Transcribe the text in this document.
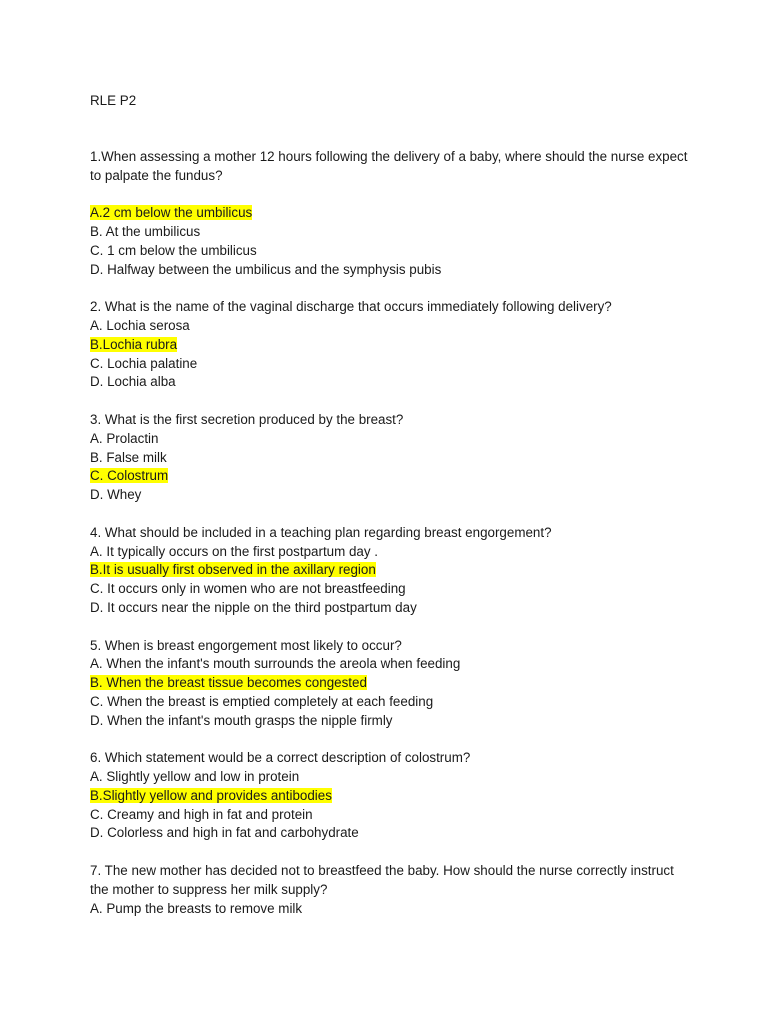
RLE P2
1.When assessing a mother 12 hours following the delivery of a baby, where should the nurse expect to palpate the fundus?
A.2 cm below the umbilicus
B. At the umbilicus
C. 1 cm below the umbilicus
D. Halfway between the umbilicus and the symphysis pubis
2. What is the name of the vaginal discharge that occurs immediately following delivery?
A. Lochia serosa
B.Lochia rubra
C. Lochia palatine
D. Lochia alba
3. What is the first secretion produced by the breast?
A. Prolactin
B. False milk
C. Colostrum
D. Whey
4. What should be included in a teaching plan regarding breast engorgement?
A. It typically occurs on the first postpartum day .
B.It is usually first observed in the axillary region
C. It occurs only in women who are not breastfeeding
D. It occurs near the nipple on the third postpartum day
5. When is breast engorgement most likely to occur?
A. When the infant's mouth surrounds the areola when feeding
B. When the breast tissue becomes congested
C. When the breast is emptied completely at each feeding
D. When the infant's mouth grasps the nipple firmly
6. Which statement would be a correct description of colostrum?
A. Slightly yellow and low in protein
B.Slightly yellow and provides antibodies
C. Creamy and high in fat and protein
D. Colorless and high in fat and carbohydrate
7. The new mother has decided not to breastfeed the baby. How should the nurse correctly instruct the mother to suppress her milk supply?
A. Pump the breasts to remove milk
